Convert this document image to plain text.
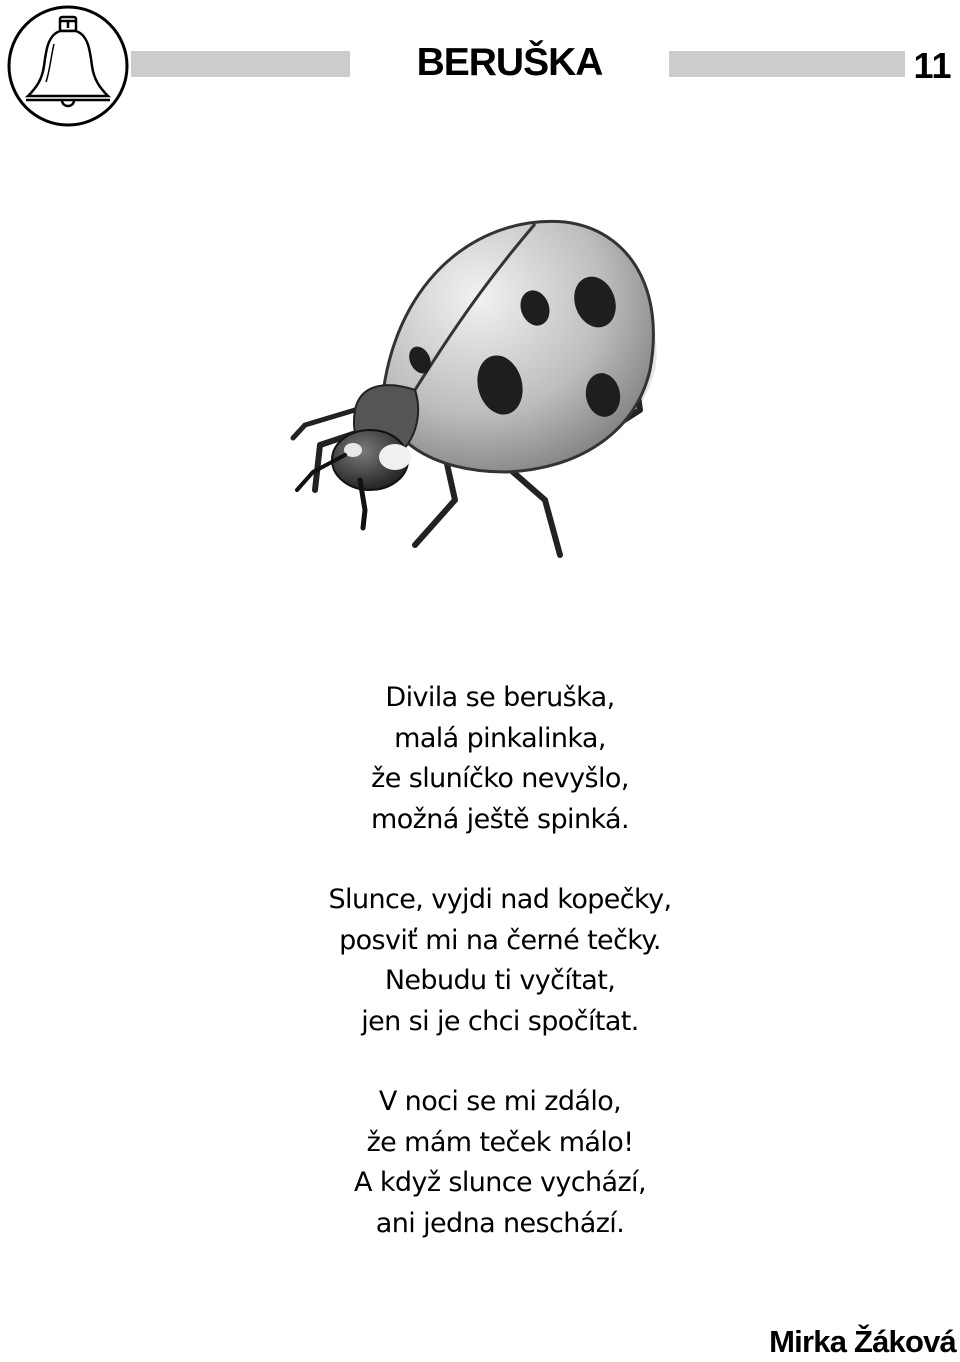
BERUŠKA	11
Divila se beruška,
malá pinkalinka,
že sluníčko nevyšlo,
možná ještě spinká.
Slunce, vyjdi nad kopečky,
posviť mi na černé tečky.
Nebudu ti vyčítat,
jen si je chci spočítat.
V noci se mi zdálo,
že mám teček málo!
A když slunce vychází,
ani jedna neschází.
Mirka Žáková
